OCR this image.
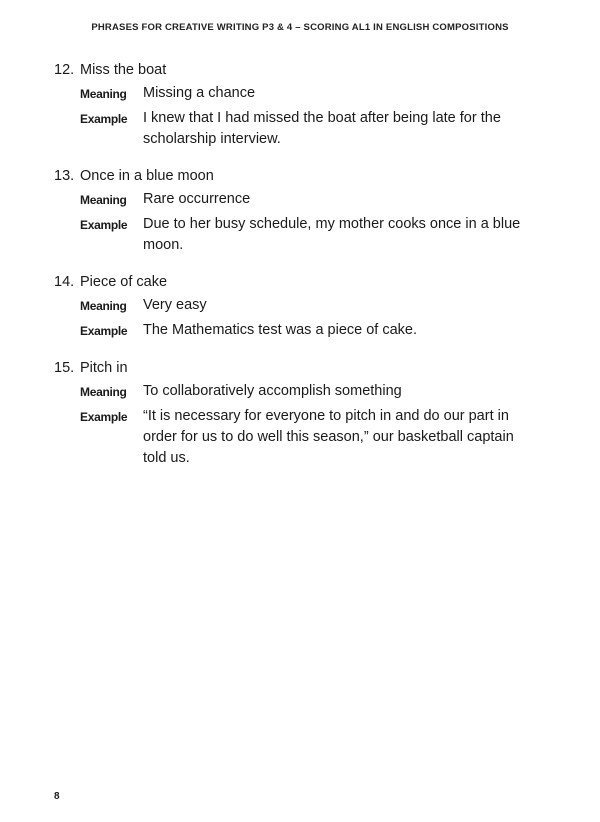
PHRASES FOR CREATIVE WRITING P3 & 4 – SCORING AL1 IN ENGLISH COMPOSITIONS
12. Miss the boat
Meaning	Missing a chance
Example	I knew that I had missed the boat after being late for the scholarship interview.
13. Once in a blue moon
Meaning	Rare occurrence
Example	Due to her busy schedule, my mother cooks once in a blue moon.
14. Piece of cake
Meaning	Very easy
Example	The Mathematics test was a piece of cake.
15. Pitch in
Meaning	To collaboratively accomplish something
Example	“It is necessary for everyone to pitch in and do our part in order for us to do well this season,” our basketball captain told us.
8
